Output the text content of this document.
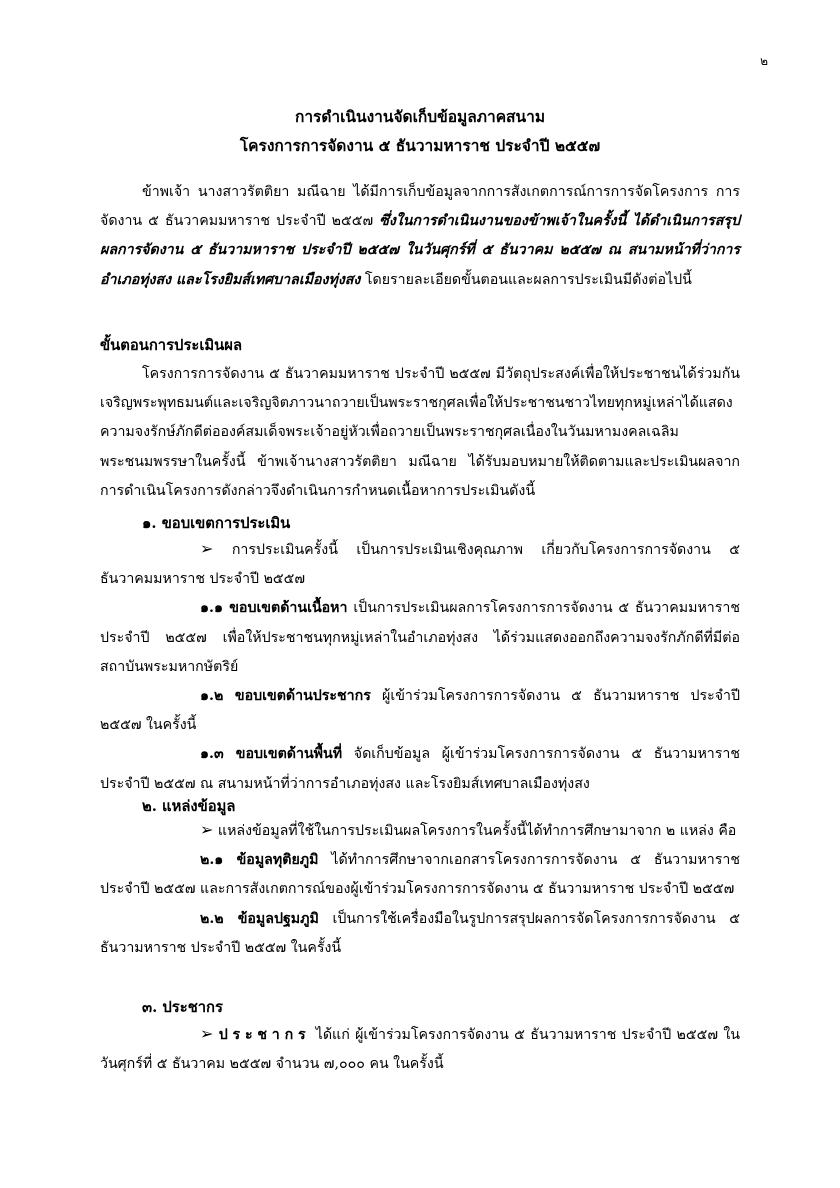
๒
การดำเนินงานจัดเก็บข้อมูลภาคสนาม
โครงการการจัดงาน ๕ ธันวามหาราช ประจำปี ๒๕๕๗

ข้าพเจ้า นางสาวรัตติยา มณีฉาย ได้มีการเก็บข้อมูลจากการสังเกตการณ์การการจัดโครงการ การจัดงาน ๕ ธันวาคมมหาราช ประจำปี ๒๕๕๗ ซึ่งในการดำเนินงานของข้าพเจ้าในครั้งนี้ ได้ดำเนินการสรุปผลการจัดงาน ๕ ธันวามหาราช ประจำปี ๒๕๕๗ ในวันศุกร์ที่ ๕ ธันวาคม ๒๕๕๗ ณ สนามหน้าที่ว่าการอำเภอทุ่งสง และโรงยิมส์เทศบาลเมืองทุ่งสง โดยรายละเอียดขั้นตอนและผลการประเมินมีดังต่อไปนี้

ขั้นตอนการประเมินผล

โครงการการจัดงาน ๕ ธันวาคมมหาราช ประจำปี ๒๕๕๗ มีวัตถุประสงค์เพื่อให้ประชาชนได้ร่วมกันเจริญพระพุทธมนต์และเจริญจิตภาวนาถวายเป็นพระราชกุศลเพื่อให้ประชาชนชาวไทยทุกหมู่เหล่าได้แสดงความจงรักษ์ภักดีต่อองค์สมเด็จพระเจ้าอยู่หัวเพื่อถวายเป็นพระราชกุศลเนื่องในวันมหามงคลเฉลิมพระชนมพรรษาในครั้งนี้ ข้าพเจ้านางสาวรัตติยา มณีฉาย ได้รับมอบหมายให้ติดตามและประเมินผลจากการดำเนินโครงการดังกล่าวจึงดำเนินการกำหนดเนื้อหาการประเมินดังนี้

๑. ขอบเขตการประเมิน

➢ การประเมินครั้งนี้ เป็นการประเมินเชิงคุณภาพ เกี่ยวกับโครงการการจัดงาน ๕ ธันวาคมมหาราช ประจำปี ๒๕๕๗

๑.๑ ขอบเขตด้านเนื้อหา เป็นการประเมินผลการโครงการการจัดงาน ๕ ธันวาคมมหาราช ประจำปี ๒๕๕๗ เพื่อให้ประชาชนทุกหมู่เหล่าในอำเภอทุ่งสง ได้ร่วมแสดงออกถึงความจงรักภักดีที่มีต่อสถาบันพระมหากษัตริย์

๑.๒ ขอบเขตด้านประชากร ผู้เข้าร่วมโครงการการจัดงาน ๕ ธันวามหาราช ประจำปี ๒๕๕๗ ในครั้งนี้

๑.๓ ขอบเขตด้านพื้นที่ จัดเก็บข้อมูล ผู้เข้าร่วมโครงการการจัดงาน ๕ ธันวามหาราช ประจำปี ๒๕๕๗ ณ สนามหน้าที่ว่าการอำเภอทุ่งสง และโรงยิมส์เทศบาลเมืองทุ่งสง

๒. แหล่งข้อมูล

➢ แหล่งข้อมูลที่ใช้ในการประเมินผลโครงการในครั้งนี้ได้ทำการศึกษามาจาก ๒ แหล่ง คือ

๒.๑ ข้อมูลทุติยภูมิ ได้ทำการศึกษาจากเอกสารโครงการการจัดงาน ๕ ธันวามหาราช ประจำปี ๒๕๕๗ และการสังเกตการณ์ของผู้เข้าร่วมโครงการการจัดงาน ๕ ธันวามหาราช ประจำปี ๒๕๕๗

๒.๒ ข้อมูลปฐมภูมิ เป็นการใช้เครื่องมือในรูปการสรุปผลการจัดโครงการการจัดงาน ๕ ธันวามหาราช ประจำปี ๒๕๕๗ ในครั้งนี้

๓. ประชากร

➢ ประชากร ได้แก่ ผู้เข้าร่วมโครงการจัดงาน ๕ ธันวามหาราช ประจำปี ๒๕๕๗ ในวันศุกร์ที่ ๕ ธันวาคม ๒๕๕๗ จำนวน ๗,๐๐๐ คน ในครั้งนี้
